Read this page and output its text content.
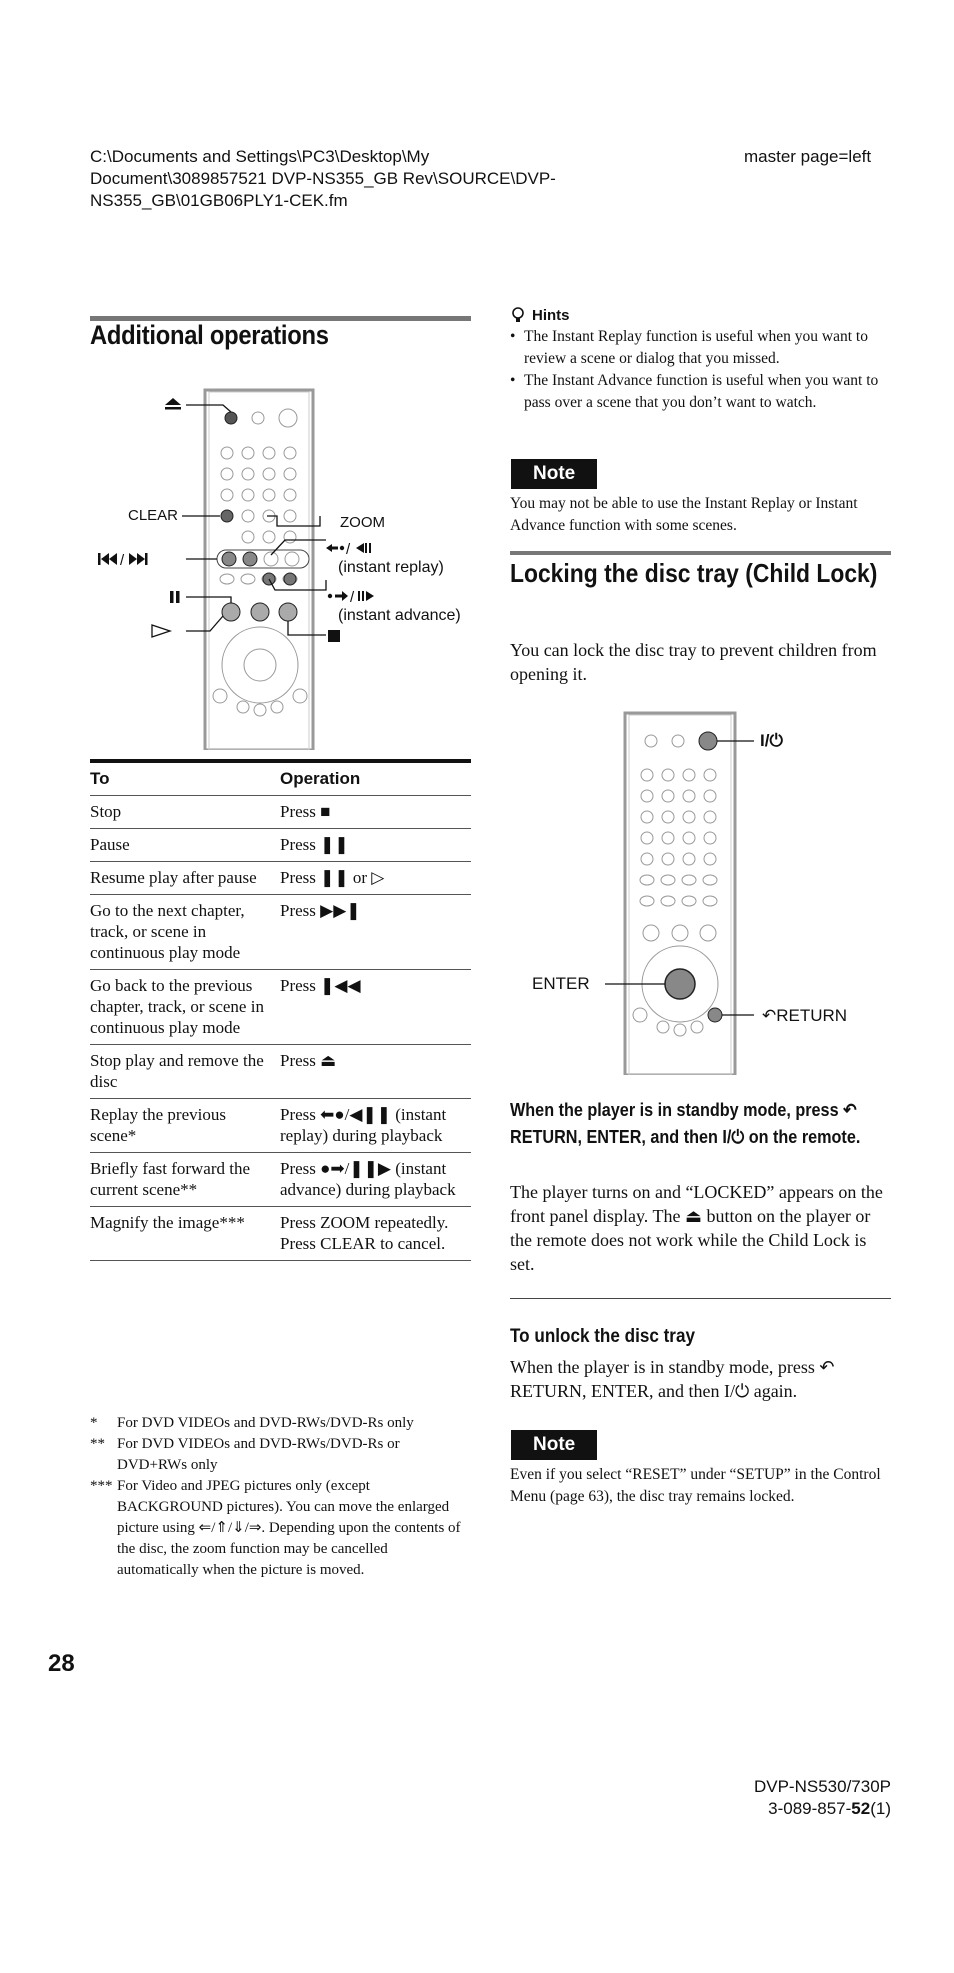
C:\Documents and Settings\PC3\Desktop\My
Document\3089857521 DVP-NS355_GB Rev\SOURCE\DVP-
NS355_GB\01GB06PLY1-CEK.fm
master page=left
Additional operations
/
/
/
CLEAR	ZOOM
(instant replay)
(instant advance)
To	Operation
Stop	Press ■
Pause	Press ❚❚
Resume play after pause	Press ❚❚ or ▷
Go to the next chapter, track, or scene in continuous play mode	Press ▶▶❚
Go back to the previous chapter, track, or scene in continuous play mode	Press ❚◀◀
Stop play and remove the disc	Press ⏏
Replay the previous scene*	Press ⬅●/◀❚❚ (instant replay) during playback
Briefly fast forward the current scene**	Press ●➡/❚❚▶ (instant advance) during playback
Magnify the image***	Press ZOOM repeatedly. Press CLEAR to cancel.
*	For DVD VIDEOs and DVD-RWs/DVD-Rs only
** For DVD VIDEOs and DVD-RWs/DVD-Rs or DVD+RWs only
*** For Video and JPEG pictures only (except BACKGROUND pictures). You can move the enlarged picture using ⇐/⇑/⇓/⇒. Depending upon the contents of the disc, the zoom function may be cancelled automatically when the picture is moved.
28
Hints
• The Instant Replay function is useful when you want to review a scene or dialog that you missed.
• The Instant Advance function is useful when you want to pass over a scene that you don’t want to watch.
Note
You may not be able to use the Instant Replay or Instant Advance function with some scenes.
Locking the disc tray (Child Lock)
You can lock the disc tray to prevent children from opening it.
I/⏻
ENTER
↶RETURN
When the player is in standby mode, press ↶ RETURN, ENTER, and then I/⏻ on the remote.
The player turns on and “LOCKED” appears on the front panel display. The ⏏ button on the player or the remote does not work while the Child Lock is set.
To unlock the disc tray
When the player is in standby mode, press ↶ RETURN, ENTER, and then I/⏻ again.
Note
Even if you select “RESET” under “SETUP” in the Control Menu (page 63), the disc tray remains locked.
DVP-NS530/730P
3-089-857-52(1)
